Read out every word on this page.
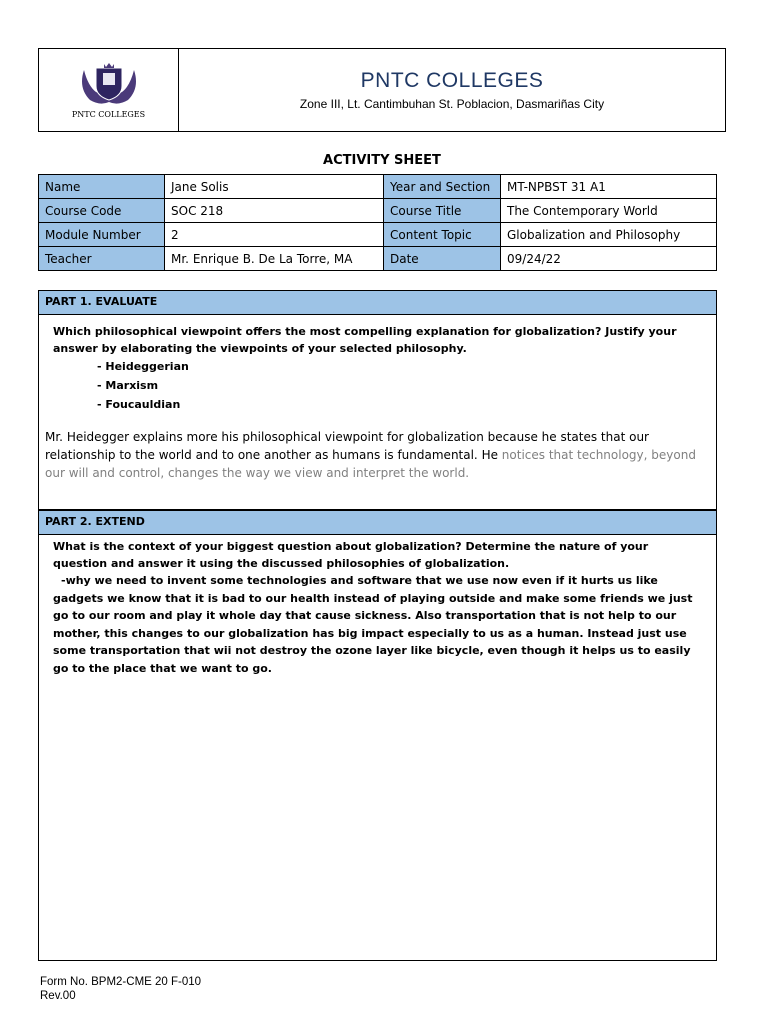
PNTC COLLEGES
PNTC COLLEGES
Zone III, Lt. Cantimbuhan St. Poblacion, Dasmariñas City
ACTIVITY SHEET
Name	Jane Solis	Year and Section	MT-NPBST 31 A1
Course Code	SOC 218	Course Title	The Contemporary World
Module Number	2	Content Topic	Globalization and Philosophy
Teacher	Mr. Enrique B. De La Torre, MA	Date	09/24/22
PART 1. EVALUATE
Which philosophical viewpoint offers the most compelling explanation for globalization? Justify your answer by elaborating the viewpoints of your selected philosophy.
- Heideggerian
- Marxism
- Foucauldian
Mr. Heidegger explains more his philosophical viewpoint for globalization because he states that our relationship to the world and to one another as humans is fundamental. He notices that technology, beyond our will and control, changes the way we view and interpret the world.
PART 2. EXTEND
What is the context of your biggest question about globalization? Determine the nature of your question and answer it using the discussed philosophies of globalization.
-why we need to invent some technologies and software that we use now even if it hurts us like gadgets we know that it is bad to our health instead of playing outside and make some friends we just go to our room and play it whole day that cause sickness. Also transportation that is not help to our mother, this changes to our globalization has big impact especially to us as a human. Instead just use some transportation that wii not destroy the ozone layer like bicycle, even though it helps us to easily go to the place that we want to go.
Form No. BPM2-CME 20 F-010
Rev.00
